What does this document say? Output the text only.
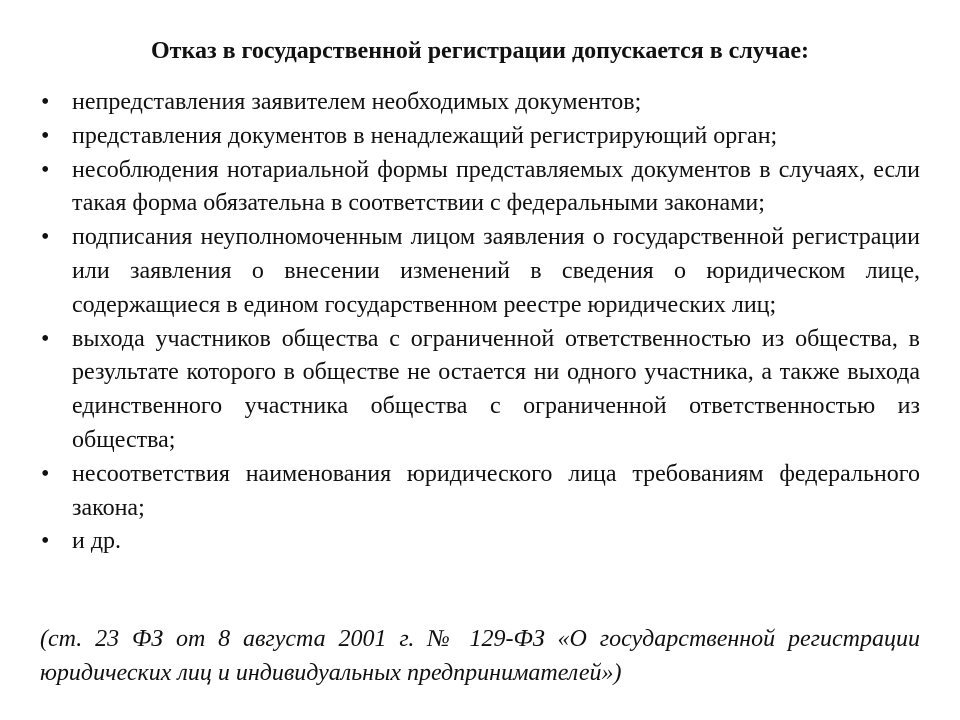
Отказ в государственной регистрации допускается в случае:
• непредставления заявителем необходимых документов;
• представления документов в ненадлежащий регистрирующий орган;
• несоблюдения нотариальной формы представляемых документов в случаях, если такая форма обязательна в соответствии с федеральными законами;
• подписания неуполномоченным лицом заявления о государственной регистрации или заявления о внесении изменений в сведения о юридическом лице, содержащиеся в едином государственном реестре юридических лиц;
• выхода участников общества с ограниченной ответственностью из общества, в результате которого в обществе не остается ни одного участника, а также выхода единственного участника общества с ограниченной ответственностью из общества;
• несоответствия наименования юридического лица требованиям федерального закона;
• и др.

(ст. 23 ФЗ от 8 августа 2001 г. № 129-ФЗ «О государственной регистрации юридических лиц и индивидуальных предпринимателей»)
